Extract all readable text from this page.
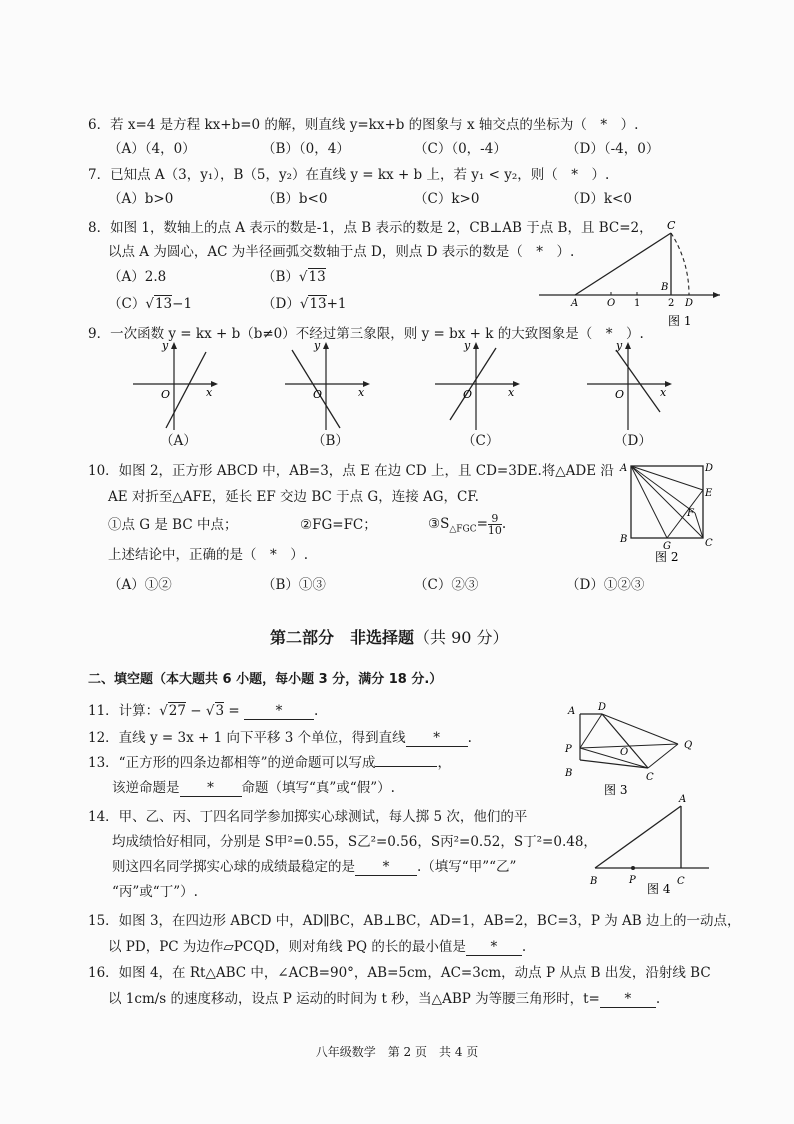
6．若 x=4 是方程 kx+b=0 的解，则直线 y=kx+b 的图象与 x 轴交点的坐标为（　*　）.
（A）（4，0）	（B）（0，4）	（C）（0，-4）	（D）（-4，0）
7．已知点 A（3，y₁），B（5，y₂）在直线 y = kx + b 上，若 y₁ < y₂，则（　*　）.
（A）b>0	（B）b<0	（C）k>0	（D）k<0
8．如图 1，数轴上的点 A 表示的数是-1，点 B 表示的数是 2，CB⊥AB 于点 B，且 BC=2，
以点 A 为圆心，AC 为半径画弧交数轴于点 D，则点 D 表示的数是（　*　）.
（A）2.8	（B）√13
（C）√13−1	（D）√13+1
C
A	O 1
B
2 D
图 1
9．一次函数 y = kx + b（b≠0）不经过第三象限，则 y = bx + k 的大致图象是（　*　）.
y
x
O
y
x
O
y
x
O
y
x
O
（A）	（B）	（C）	（D）
10．如图 2，正方形 ABCD 中，AB=3，点 E 在边 CD 上，且 CD=3DE.将△ADE 沿
AE 对折至△AFE，延长 EF 交边 BC 于点 G，连接 AG，CF.
①点 G 是 BC 中点；	②FG=FC；	$③S_{\triangle FGC}= \frac{9}{10}$ .
上述结论中，正确的是（　*　）.
（A）①②	（B）①③	（C）②③	（D）①②③
A	D
E
F
B
G	C
图 2
第二部分　非选择题（共 90 分）
二、填空题（本大题共 6 小题，每小题 3 分，满分 18 分.）
11．计算：√27 − √3 = * .
12．直线 y = 3x + 1 向下平移 3 个单位，得到直线 * .
13．“正方形的四条边都相等”的逆命题可以写成	，
该逆命题是 * 命题（填写“真”或“假”）.
A D
P	O
Q
B	C
图 3
14．甲、乙、丙、丁四名同学参加掷实心球测试，每人掷 5 次，他们的平
均成绩恰好相同，分别是 S甲²=0.55，S乙²=0.56，S丙²=0.52，S丁²=0.48，
则这四名同学掷实心球的成绩最稳定的是 * .（填写“甲”“乙”
“丙”或“丁”）.
A
B	P	C
图 4
15．如图 3，在四边形 ABCD 中，AD∥BC，AB⊥BC，AD=1，AB=2，BC=3，P 为 AB 边上的一动点，
以 PD，PC 为边作▱PCQD，则对角线 PQ 的长的最小值是 * .
16．如图 4，在 Rt△ABC 中，∠ACB=90°，AB=5cm，AC=3cm，动点 P 从点 B 出发，沿射线 BC
以 1cm/s 的速度移动，设点 P 运动的时间为 t 秒，当△ABP 为等腰三角形时，t= * .
八年级数学　第 2 页　共 4 页
